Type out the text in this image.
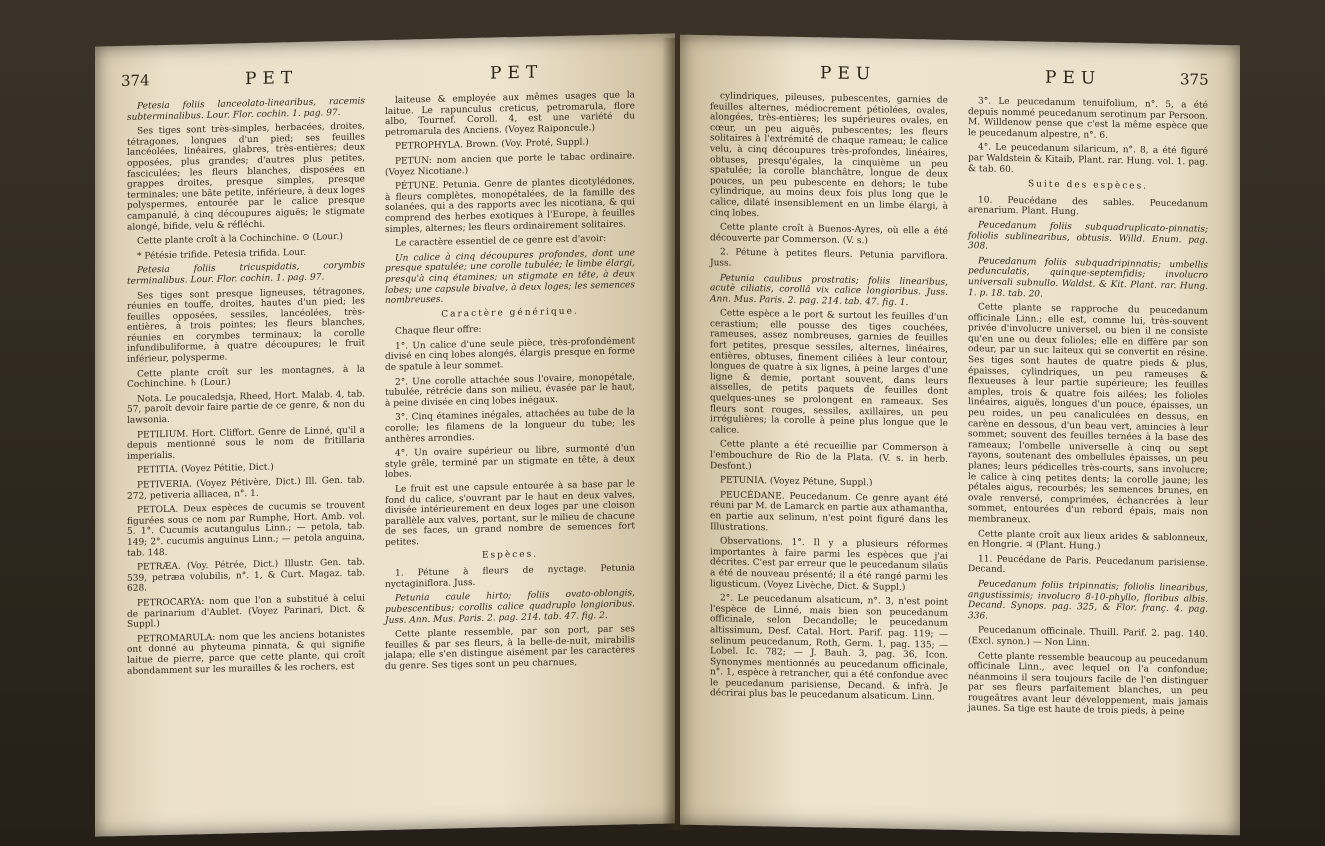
374	PET	PET

Petesia foliis lanceolato-linearibus, racemis subterminalibus. Lour. Flor. cochin. 1. pag. 97.

Ses tiges sont très-simples, herbacées, droites, tétragones, longues d'un pied; ses feuilles lancéolées, linéaires, glabres, très-entières; deux opposées, plus grandes; d'autres plus petites, fasciculées; les fleurs blanches, disposées en grappes droites, presque simples, presque terminales; une bâte petite, inférieure, à deux loges polyspermes, entourée par le calice presque campanulé, à cinq découpures aiguës; le stigmate alongé, bifide, velu & réfléchi.

Cette plante croît à la Cochinchine. ⊙ (Lour.)

* Pétésie trifide. Petesia trifida. Lour.

Petesia foliis tricuspidatis, corymbis terminalibus. Lour. Flor. cochin. 1. pag. 97.

Ses tiges sont presque ligneuses, tétragones, réunies en touffe, droites, hautes d'un pied; les feuilles opposées, sessiles, lancéolées, très-entières, à trois pointes; les fleurs blanches, réunies en corymbes terminaux; la corolle infundibuliforme, à quatre découpures; le fruit inférieur, polysperme.

Cette plante croît sur les montagnes, à la Cochinchine. ♄ (Lour.)

Nota. Le poucaledsja, Rheed, Hort. Malab. 4, tab. 57, paroît devoir faire partie de ce genre, & non du lawsonia.

PETILIUM. Hort. Cliffort. Genre de Linné, qu'il a depuis mentionné sous le nom de fritillaria imperialis.

PETITIA. (Voyez Pétitie, Dict.)

PETIVERIA. (Voyez Pétivère, Dict.) Ill. Gen. tab. 272, petiveria alliacea, n°. 1.

PETOLA. Deux espèces de cucumis se trouvent figurées sous ce nom par Rumphe, Hort. Amb. vol. 5. 1°. Cucumis acutangulus Linn.; — petola, tab. 149; 2°. cucumis anguinus Linn.; — petola anguina, tab. 148.

PETRÆA. (Voy. Pétrée, Dict.) Illustr. Gen. tab. 539, petræa volubilis, n°. 1, & Curt. Magaz. tab. 628.

PETROCARYA: nom que l'on a substitué à celui de parinarium d'Aublet. (Voyez Parinari, Dict. & Suppl.)

PETROMARULA: nom que les anciens botanistes ont donné au phyteuma pinnata, & qui signifie laitue de pierre, parce que cette plante, qui croît abondamment sur les murailles & les rochers, est

laiteuse & employée aux mêmes usages que la laitue. Le rapunculus creticus, petromarula, flore albo, Tournef. Coroll. 4, est une variété du petromarula des Anciens. (Voyez Raiponcule.)

PETROPHYLA. Brown. (Voy. Proté, Suppl.)

PETUN: nom ancien que porte le tabac ordinaire. (Voyez Nicotiane.)

PÉTUNE. Petunia. Genre de plantes dicotylédones, à fleurs complètes, monopétalées, de la famille des solanées, qui a des rapports avec les nicotiana, & qui comprend des herbes exotiques à l'Europe, à feuilles simples, alternes; les fleurs ordinairement solitaires.

Le caractère essentiel de ce genre est d'avoir:

Un calice à cinq découpures profondes, dont une presque spatulée; une corolle tubulée; le limbe élargi, presqu'à cinq étamines; un stigmate en tête, à deux lobes; une capsule bivalve, à deux loges; les semences nombreuses.

Caractère générique.

Chaque fleur offre:

1°. Un calice d'une seule pièce, très-profondément divisé en cinq lobes alongés, élargis presque en forme de spatule à leur sommet.

2°. Une corolle attachée sous l'ovaire, monopétale, tubulée, rétrécie dans son milieu, évasée par le haut, à peine divisée en cinq lobes inégaux.

3°. Cinq étamines inégales, attachées au tube de la corolle; les filamens de la longueur du tube; les anthères arrondies.

4°. Un ovaire supérieur ou libre, surmonté d'un style grêle, terminé par un stigmate en tête, à deux lobes.

Le fruit est une capsule entourée à sa base par le fond du calice, s'ouvrant par le haut en deux valves, divisée intérieurement en deux loges par une cloison parallèle aux valves, portant, sur le milieu de chacune de ses faces, un grand nombre de semences fort petites.

Espèces.

1. Pétune à fleurs de nyctage. Petunia nyctaginiflora. Juss.

Petunia caule hirto; foliis ovato-oblongis, pubescentibus; corollis calice quadruplo longioribus. Juss. Ann. Mus. Paris. 2. pag. 214. tab. 47. fig. 2.

Cette plante ressemble, par son port, par ses feuilles & par ses fleurs, à la belle-de-nuit, mirabilis jalapa; elle s'en distingue aisément par les caractères du genre. Ses tiges sont un peu charnues,

PEU	PEU	375

cylindriques, pileuses, pubescentes, garnies de feuilles alternes, médiocrement pétiolées, ovales, alongées, très-entières; les supérieures ovales, en cœur, un peu aiguës, pubescentes; les fleurs solitaires à l'extrémité de chaque rameau; le calice velu, à cinq découpures très-profondes, linéaires, obtuses, presqu'égales, la cinquième un peu spatulée; la corolle blanchâtre, longue de deux pouces, un peu pubescente en dehors; le tube cylindrique, au moins deux fois plus long que le calice, dilaté insensiblement en un limbe élargi, à cinq lobes.

Cette plante croît à Buenos-Ayres, où elle a été découverte par Commerson. (V. s.)

2. Pétune à petites fleurs. Petunia parviflora. Juss.

Petunia caulibus prostratis; foliis linearibus, acutè ciliatis, corollâ vix calice longioribus. Juss. Ann. Mus. Paris. 2. pag. 214. tab. 47. fig. 1.

Cette espèce a le port & surtout les feuilles d'un cerastium; elle pousse des tiges couchées, rameuses, assez nombreuses, garnies de feuilles fort petites, presque sessiles, alternes, linéaires, entières, obtuses, finement ciliées à leur contour, longues de quatre à six lignes, à peine larges d'une ligne & demie, portant souvent, dans leurs aisselles, de petits paquets de feuilles dont quelques-unes se prolongent en rameaux. Ses fleurs sont rouges, sessiles, axillaires, un peu irrégulières; la corolle à peine plus longue que le calice.

Cette plante a été recueillie par Commerson à l'embouchure de Rio de la Plata. (V. s. in herb. Desfont.)

PETUNIA. (Voyez Pétune, Suppl.)

PEUCÉDANE. Peucedanum. Ce genre ayant été réuni par M. de Lamarck en partie aux athamantha, en partie aux selinum, n'est point figuré dans les Illustrations.

Observations. 1°. Il y a plusieurs réformes importantes à faire parmi les espèces que j'ai décrites. C'est par erreur que le peucedanum silaüs a été de nouveau présenté; il a été rangé parmi les ligusticum. (Voyez Livèche, Dict. & Suppl.)

2°. Le peucedanum alsaticum, n°. 3, n'est point l'espèce de Linné, mais bien son peucedanum officinale, selon Decandolle; le peucedanum altissimum, Desf. Catal. Hort. Parif. pag. 119; — selinum peucedanum, Roth, Germ. 1, pag. 135; — Lobel. Ic. 782; — J. Bauh. 3, pag. 36, Icon. Synonymes mentionnés au peucedanum officinale, n°. 1, espèce à retrancher, qui a été confondue avec le peucedanum parisiense, Decand. & infrà. Je décrirai plus bas le peucedanum alsaticum. Linn.

3°. Le peucedanum tenuifolium, n°. 5, a été depuis nommé peucedanum serotinum par Persoon. M. Willdenow pense que c'est la même espèce que le peucedanum alpestre, n°. 6.

4°. Le peucedanum silaricum, n°. 8, a été figuré par Waldstein & Kitaib, Plant. rar. Hung. vol. 1. pag. & tab. 60.

Suite des espèces.

10. Peucédane des sables. Peucedanum arenarium. Plant. Hung.

Peucedanum foliis subquadruplicato-pinnatis; foliolis sublinearibus, obtusis. Willd. Enum. pag. 308.

Peucedanum foliis subquadripinnatis; umbellis pedunculatis, quinque-septemfidis; involucro universali subnullo. Waldst. & Kit. Plant. rar. Hung. 1. p. 18. tab. 20.

Cette plante se rapproche du peucedanum officinale Linn.; elle est, comme lui, très-souvent privée d'involucre universel, ou bien il ne consiste qu'en une ou deux folioles; elle en diffère par son odeur, par un suc laiteux qui se convertit en résine. Ses tiges sont hautes de quatre pieds & plus, épaisses, cylindriques, un peu rameuses & flexueuses à leur partie supérieure; les feuilles amples, trois & quatre fois ailées; les folioles linéaires, aiguës, longues d'un pouce, épaisses, un peu roides, un peu canaliculées en dessus, en carène en dessous, d'un beau vert, amincies à leur sommet; souvent des feuilles ternées à la base des rameaux; l'ombelle universelle à cinq ou sept rayons, soutenant des ombellules épaisses, un peu planes; leurs pédicelles très-courts, sans involucre; le calice à cinq petites dents; la corolle jaune; les pétales aigus, recourbés; les semences brunes, en ovale renversé, comprimées, échancrées à leur sommet, entourées d'un rebord épais, mais non membraneux.

Cette plante croît aux lieux arides & sablonneux, en Hongrie. ♃ (Plant. Hung.)

11. Peucédane de Paris. Peucedanum parisiense. Decand.

Peucedanum foliis tripinnatis; foliolis linearibus, angustissimis; involucro 8-10-phyllo, floribus albis. Decand. Synops. pag. 325, & Flor. franç. 4. pag. 336.

Peucedanum officinale. Thuill. Parif. 2. pag. 140. (Excl. synon.) — Non Linn.

Cette plante ressemble beaucoup au peucedanum officinale Linn., avec lequel on l'a confondue; néanmoins il sera toujours facile de l'en distinguer par ses fleurs parfaitement blanches, un peu rougeâtres avant leur développement, mais jamais jaunes. Sa tige est haute de trois pieds, à peine
